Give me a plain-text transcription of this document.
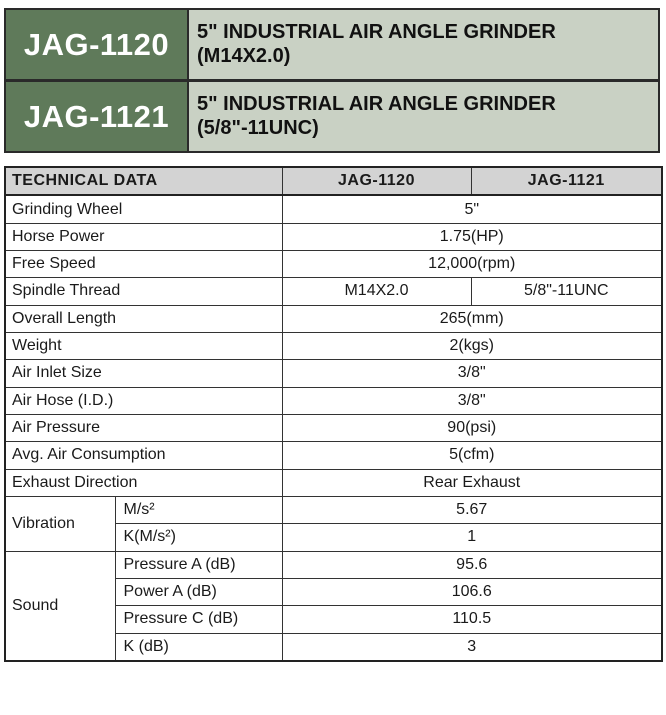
JAG-1120	5" INDUSTRIAL AIR ANGLE GRINDER
(M14X2.0)
JAG-1121	5" INDUSTRIAL AIR ANGLE GRINDER
(5/8"-11UNC)
TECHNICAL DATA		JAG-1120	JAG-1121
Grinding Wheel		5"	
Horse Power		1.75(HP)	
Free Speed		12,000(rpm)	
Spindle Thread		M14X2.0	5/8"-11UNC
Overall Length		265(mm)	
Weight		2(kgs)	
Air Inlet Size		3/8"	
Air Hose (I.D.)		3/8"	
Air Pressure		90(psi)	
Avg. Air Consumption		5(cfm)	
Exhaust Direction		Rear Exhaust	
Vibration	M/s²	5.67	
	K(M/s²)	1	
Sound	Pressure A (dB)	95.6	
	Power A (dB)	106.6	
	Pressure C (dB)	110.5	
	K (dB)	3	
